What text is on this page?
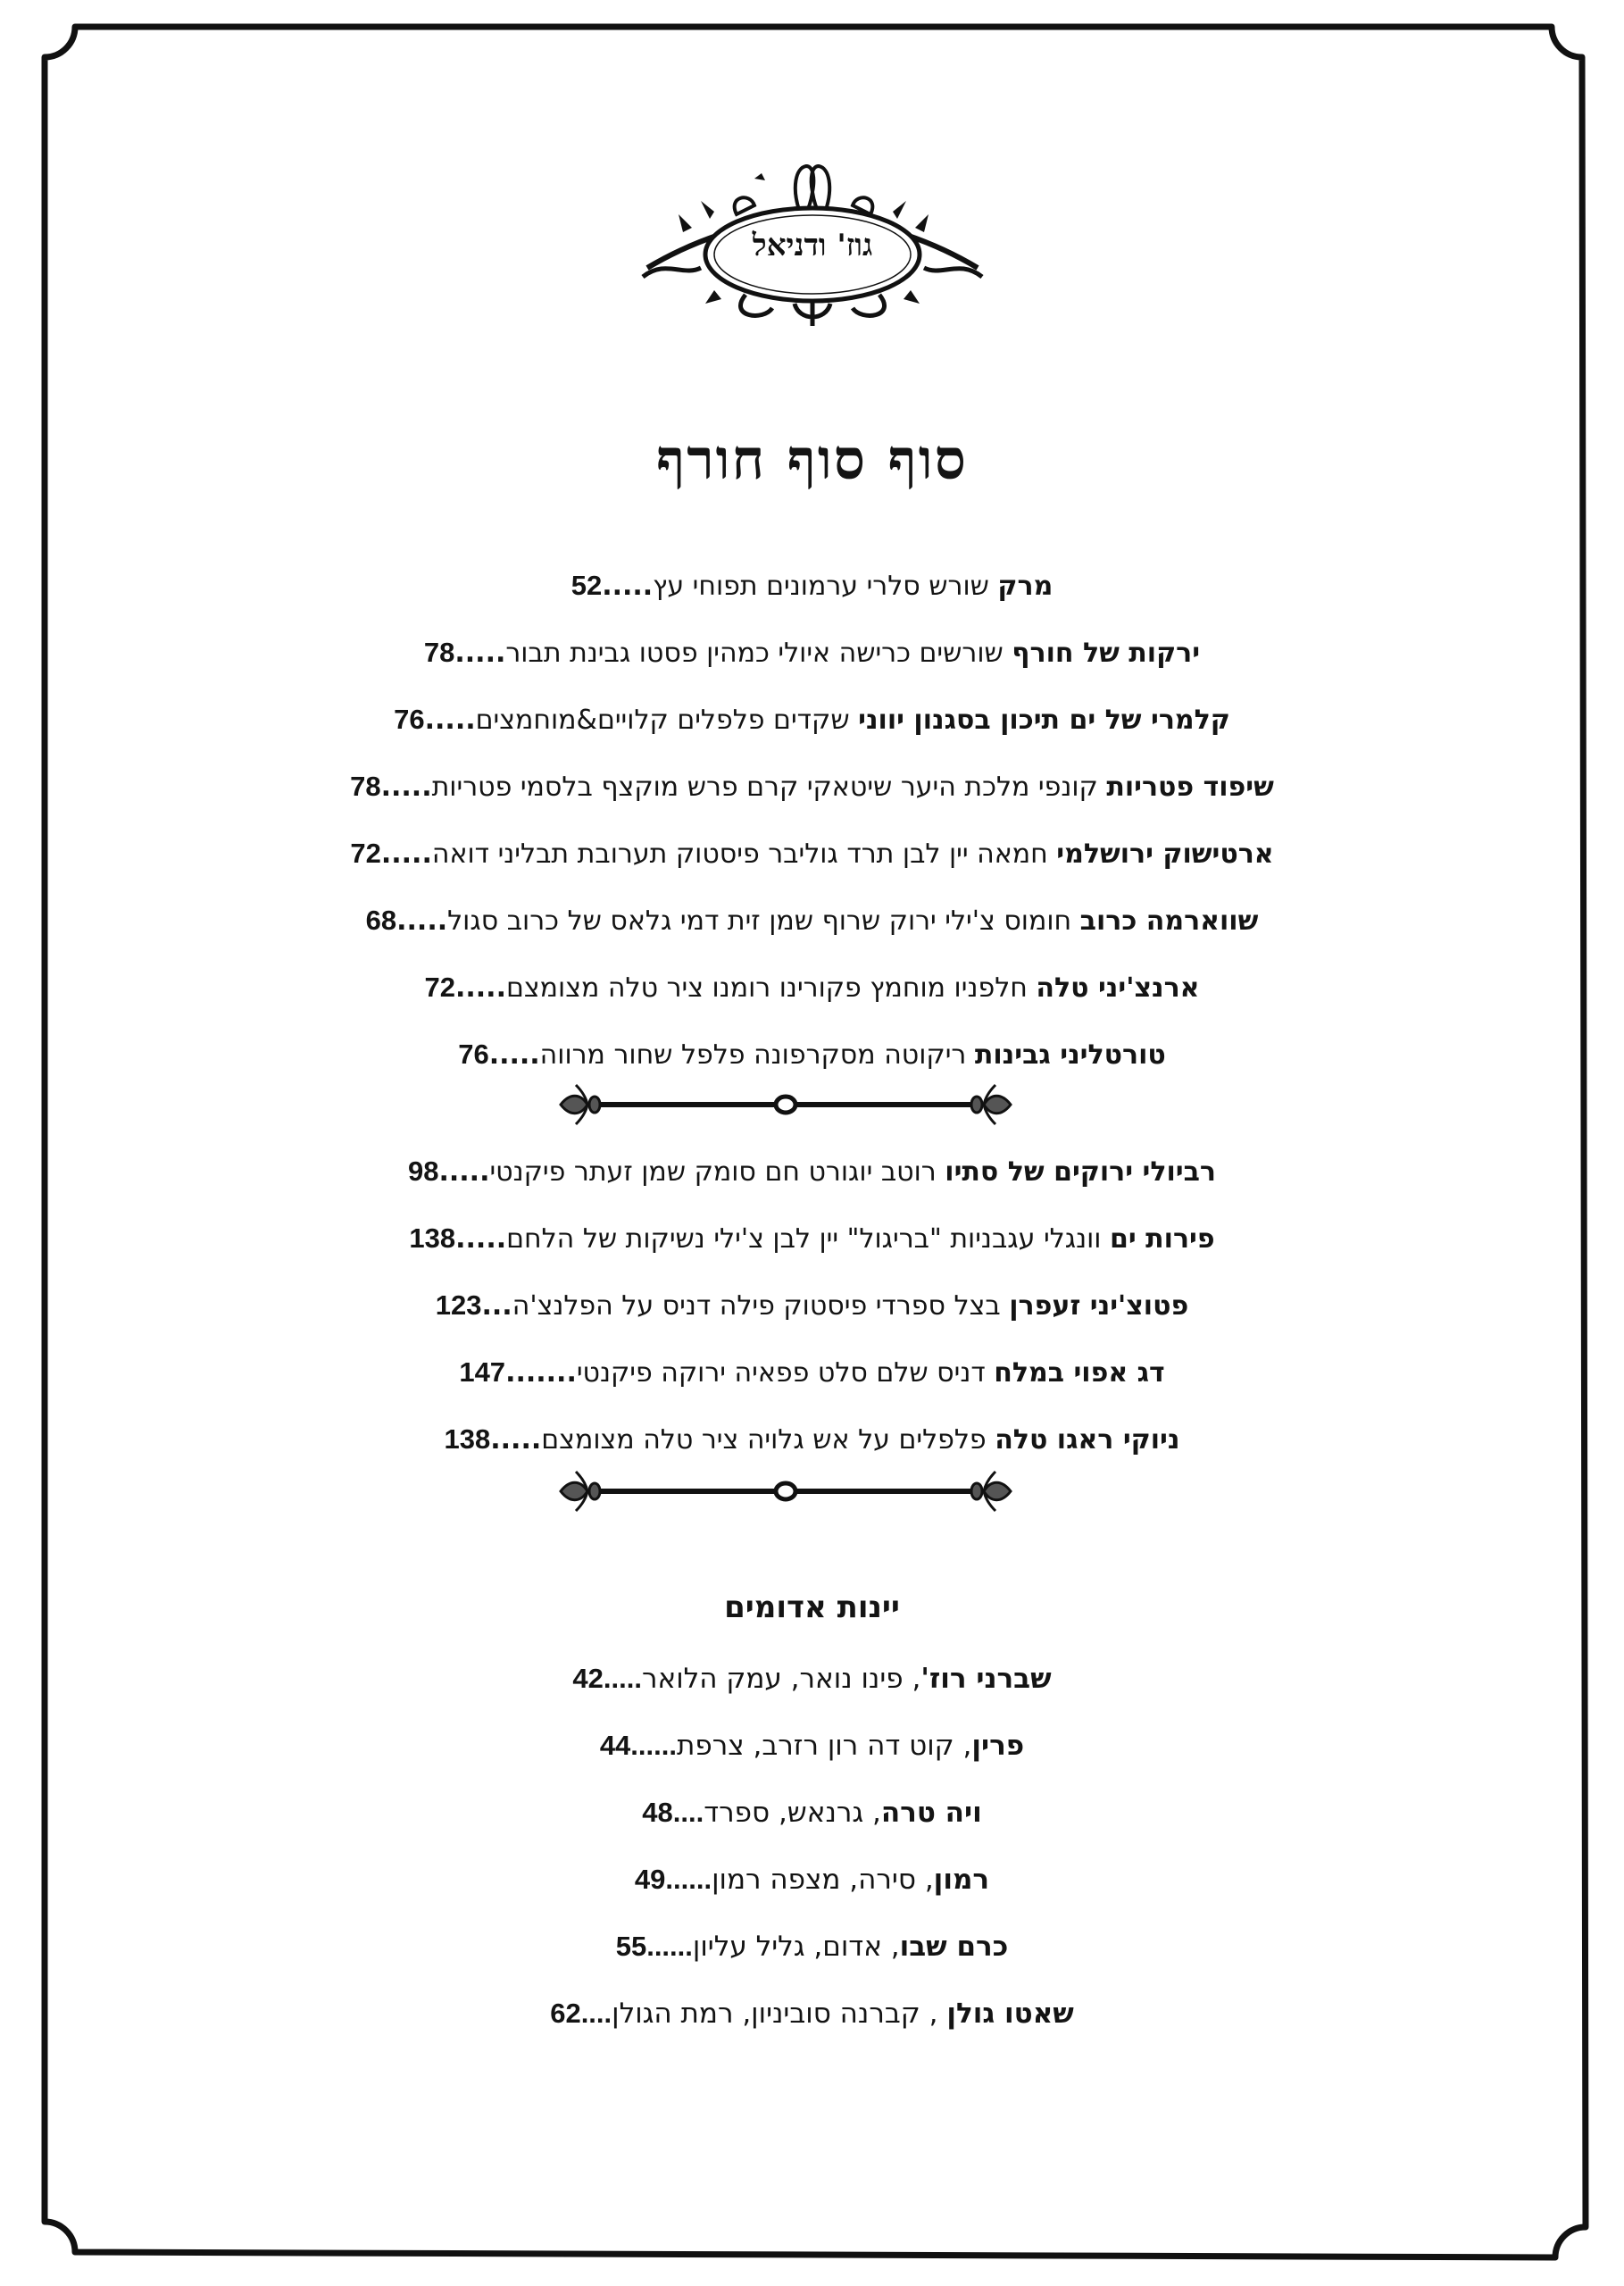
גוז' ודניאל
סוף סוף חורף
מרק שורש סלרי ערמונים תפוחי עץ.....52
ירקות של חורף שורשים כרישה איולי כמהין פסטו גבינת תבור.....78
קלמרי של ים תיכון בסגנון יווני שקדים פלפלים קלויים&מוחמצים.....76
שיפוד פטריות קונפי מלכת היער שיטאקי קרם פרש מוקצף בלסמי פטריות.....78
ארטישוק ירושלמי חמאה יין לבן תרד גוליבר פיסטוק תערובת תבליני דואה.....72
שווארמה כרוב חומוס צ'ילי ירוק שרוף שמן זית דמי גלאס של כרוב סגול.....68
ארנצ'יני טלה חלפניו מוחמץ פקורינו רומנו ציר טלה מצומצם.....72
טורטליני גבינות ריקוטה מסקרפונה פלפל שחור מרווה.....76
רביולי ירוקים של סתיו רוטב יוגורט חם סומק שמן זעתר פיקנטי.....98
פירות ים וונגלי עגבניות "בריגול" יין לבן צ'ילי נשיקות של הלחם.....138
פטוצ'יני זעפרן בצל ספרדי פיסטוק פילה דניס על הפלנצ'ה...123
דג אפוי במלח דניס שלם סלט פפאיה ירוקה פיקנטי.......147
ניוקי ראגו טלה פלפלים על אש גלויה ציר טלה מצומצם.....138
יינות אדומים
שברני רוז', פינו נואר, עמק הלואר.....42
פרין, קוט דה רון רזרב, צרפת......44
ויה טרה, גרנאש, ספרד....48
רמון, סירה, מצפה רמון......49
כרם שבו, אדום, גליל עליון......55
שאטו גולן , קברנה סוביניון, רמת הגולן....62
